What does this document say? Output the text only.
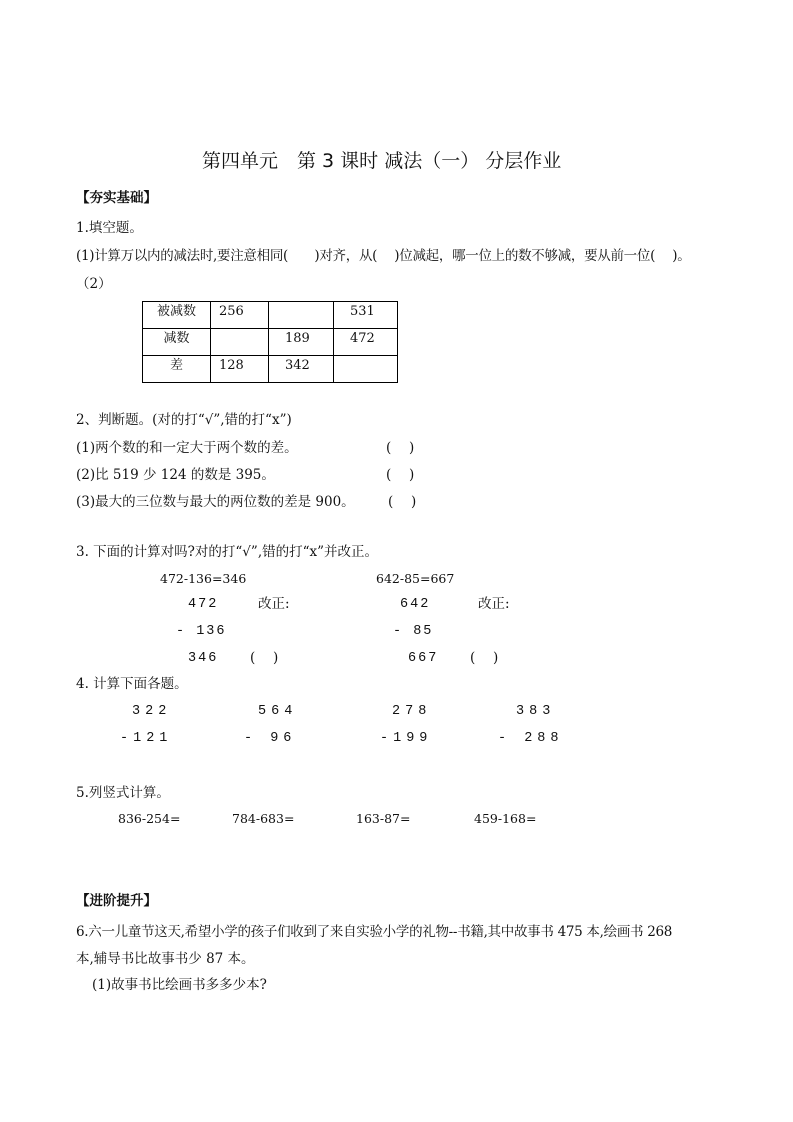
第四单元　第 3 课时 减法（一） 分层作业
【夯实基础】
1.填空题。
(1)计算万以内的减法时,要注意相同(　　)对齐，从(　 )位减起，哪一位上的数不够减，要从前一位(　 )。
（2）
被减数	256		531
减数		189	472
差	128	342	
2、判断题。(对的打“√”,错的打“x”)
(1)两个数的和一定大于两个数的差。	(　 )
(2)比 519 少 124 的数是 395。	(　 )
(3)最大的三位数与最大的两位数的差是 900。 (　 )
3. 下面的计算对吗?对的打“√”,错的打“x”并改正。
472-136=346
472	改正:
- 136
346 (　 )
642-85=667
642	改正:
- 85
667 (　 )
4. 计算下面各题。
322
-121
564
- 96
278
-199
383
- 288
5.列竖式计算。
836-254=	784-683=	163-87=	459-168=
【进阶提升】
6.六一儿童节这天,希望小学的孩子们收到了来自实验小学的礼物--书籍,其中故事书 475 本,绘画书 268
本,辅导书比故事书少 87 本。
(1)故事书比绘画书多多少本?
